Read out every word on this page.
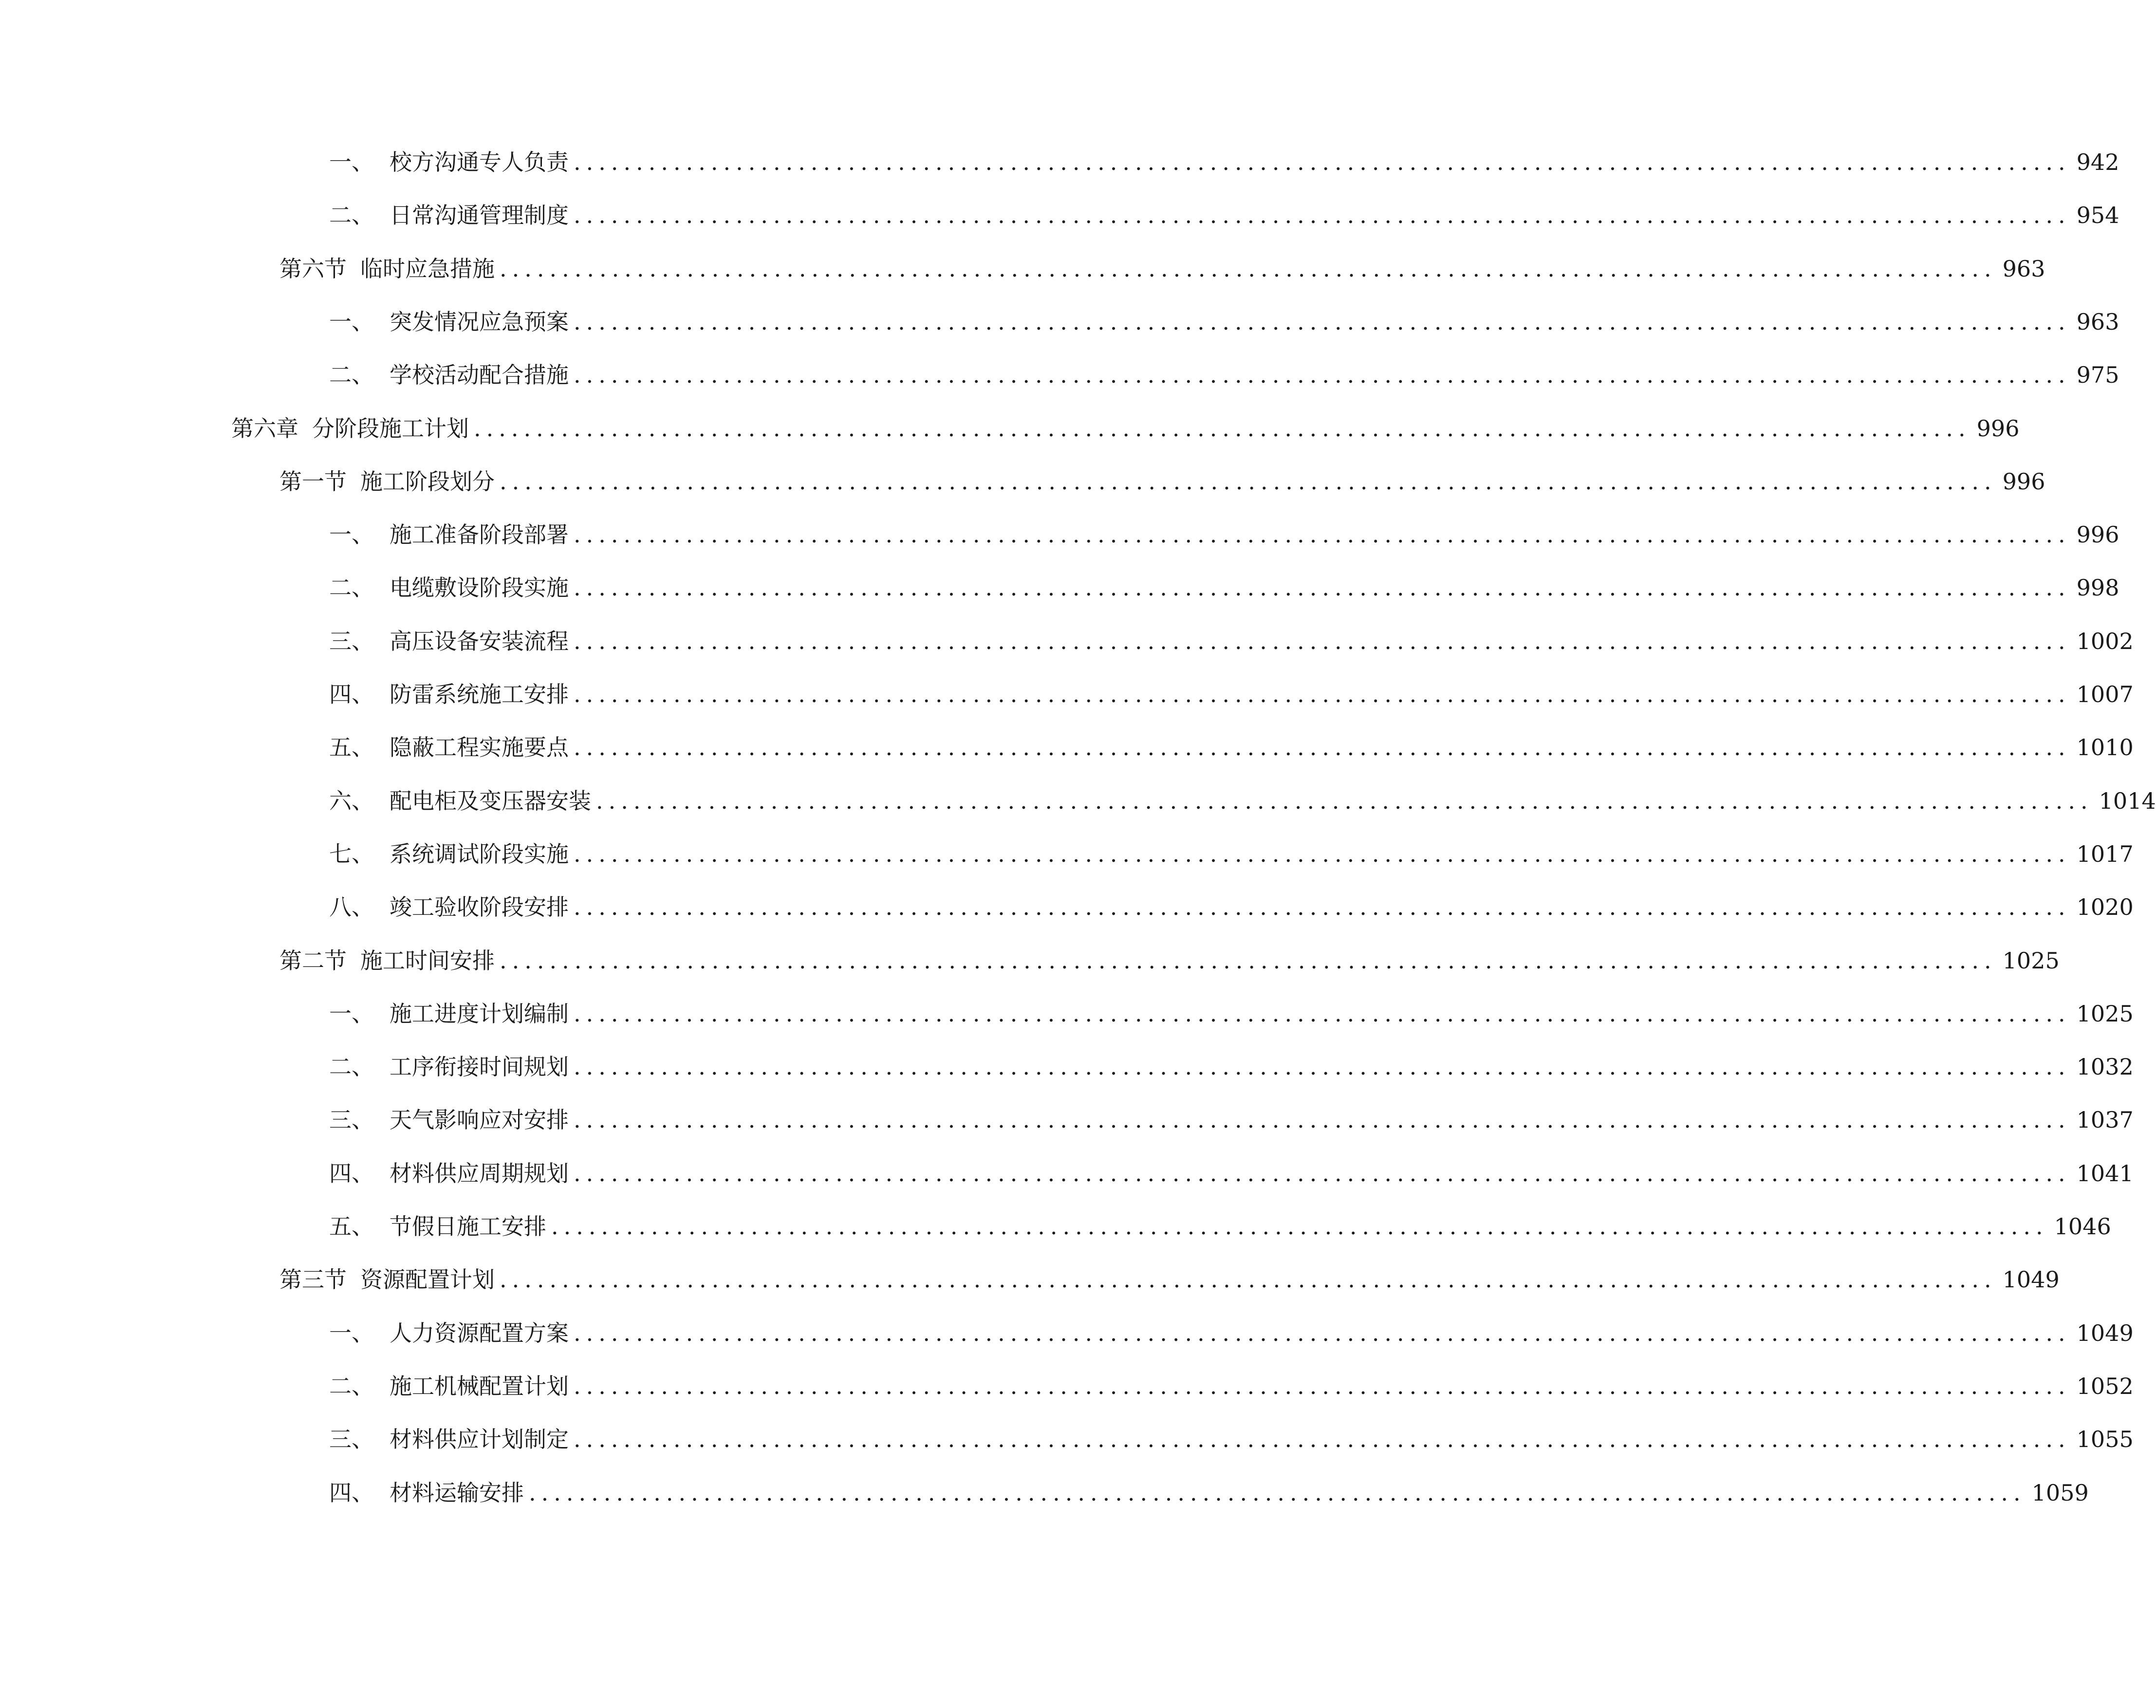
一、 校方沟通专人负责 ........................................................................................................................ 942
二、 日常沟通管理制度 ........................................................................................................................ 954
第六节 临时应急措施 ........................................................................................................................ 963
一、 突发情况应急预案 ........................................................................................................................ 963
二、 学校活动配合措施 ........................................................................................................................ 975
第六章 分阶段施工计划 ........................................................................................................................ 996
第一节 施工阶段划分 ........................................................................................................................ 996
一、 施工准备阶段部署 ........................................................................................................................ 996
二、 电缆敷设阶段实施 ........................................................................................................................ 998
三、 高压设备安装流程 ........................................................................................................................ 1002
四、 防雷系统施工安排 ........................................................................................................................ 1007
五、 隐蔽工程实施要点 ........................................................................................................................ 1010
六、 配电柜及变压器安装 ........................................................................................................................ 1014
七、 系统调试阶段实施 ........................................................................................................................ 1017
八、 竣工验收阶段安排 ........................................................................................................................ 1020
第二节 施工时间安排 ........................................................................................................................ 1025
一、 施工进度计划编制 ........................................................................................................................ 1025
二、 工序衔接时间规划 ........................................................................................................................ 1032
三、 天气影响应对安排 ........................................................................................................................ 1037
四、 材料供应周期规划 ........................................................................................................................ 1041
五、 节假日施工安排 ........................................................................................................................ 1046
第三节 资源配置计划 ........................................................................................................................ 1049
一、 人力资源配置方案 ........................................................................................................................ 1049
二、 施工机械配置计划 ........................................................................................................................ 1052
三、 材料供应计划制定 ........................................................................................................................ 1055
四、 材料运输安排 ........................................................................................................................ 1059
